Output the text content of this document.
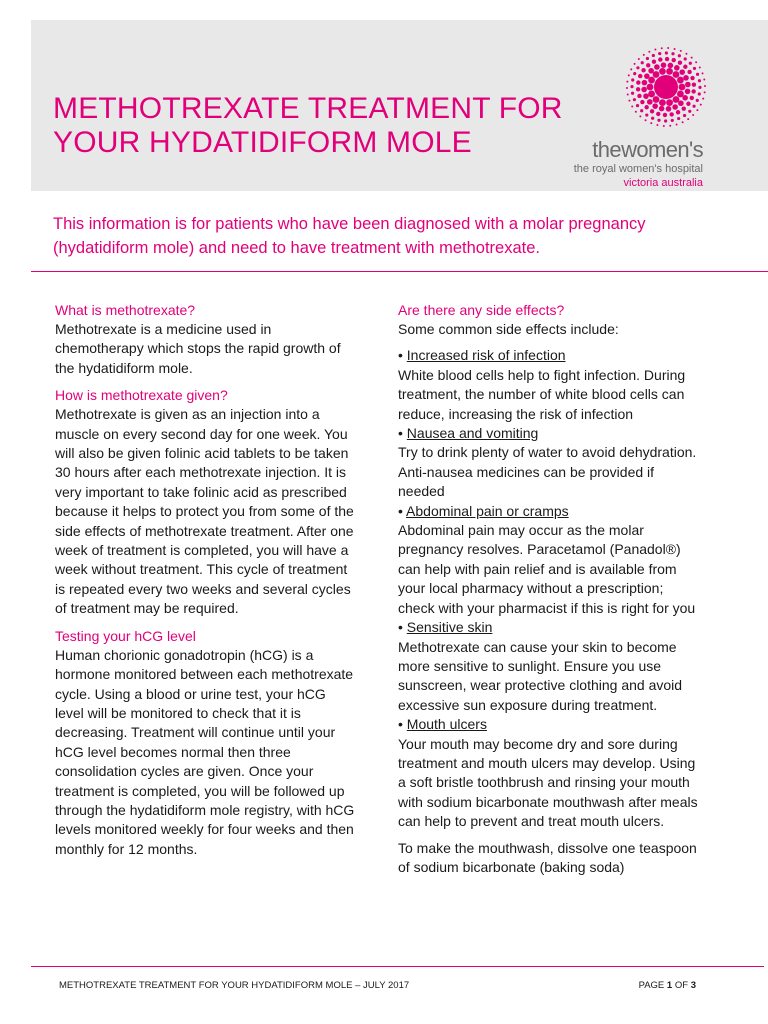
METHOTREXATE TREATMENT FOR
YOUR HYDATIDIFORM MOLE	thewomen's
the royal women's hospital
victoria australia
This information is for patients who have been diagnosed with a molar pregnancy (hydatidiform mole) and need to have treatment with methotrexate.
What is methotrexate?

Methotrexate is a medicine used in chemotherapy which stops the rapid growth of the hydatidiform mole.

How is methotrexate given?

Methotrexate is given as an injection into a muscle on every second day for one week. You will also be given folinic acid tablets to be taken 30 hours after each methotrexate injection. It is very important to take folinic acid as prescribed because it helps to protect you from some of the side effects of methotrexate treatment. After one week of treatment is completed, you will have a week without treatment. This cycle of treatment is repeated every two weeks and several cycles of treatment may be required.

Testing your hCG level

Human chorionic gonadotropin (hCG) is a hormone monitored between each methotrexate cycle. Using a blood or urine test, your hCG level will be monitored to check that it is decreasing. Treatment will continue until your hCG level becomes normal then three consolidation cycles are given. Once your treatment is completed, you will be followed up through the hydatidiform mole registry, with hCG levels monitored weekly for four weeks and then monthly for 12 months.

Are there any side effects?

Some common side effects include:

• Increased risk of infection

White blood cells help to fight infection. During treatment, the number of white blood cells can reduce, increasing the risk of infection

• Nausea and vomiting

Try to drink plenty of water to avoid dehydration. Anti-nausea medicines can be provided if needed

• Abdominal pain or cramps

Abdominal pain may occur as the molar pregnancy resolves. Paracetamol (Panadol®) can help with pain relief and is available from your local pharmacy without a prescription; check with your pharmacist if this is right for you

• Sensitive skin

Methotrexate can cause your skin to become more sensitive to sunlight. Ensure you use sunscreen, wear protective clothing and avoid excessive sun exposure during treatment.

• Mouth ulcers

Your mouth may become dry and sore during treatment and mouth ulcers may develop. Using a soft bristle toothbrush and rinsing your mouth with sodium bicarbonate mouthwash after meals can help to prevent and treat mouth ulcers.

To make the mouthwash, dissolve one teaspoon of sodium bicarbonate (baking soda)

METHOTREXATE TREATMENT FOR YOUR HYDATIDIFORM MOLE – JULY 2017	PAGE 1 OF 3
